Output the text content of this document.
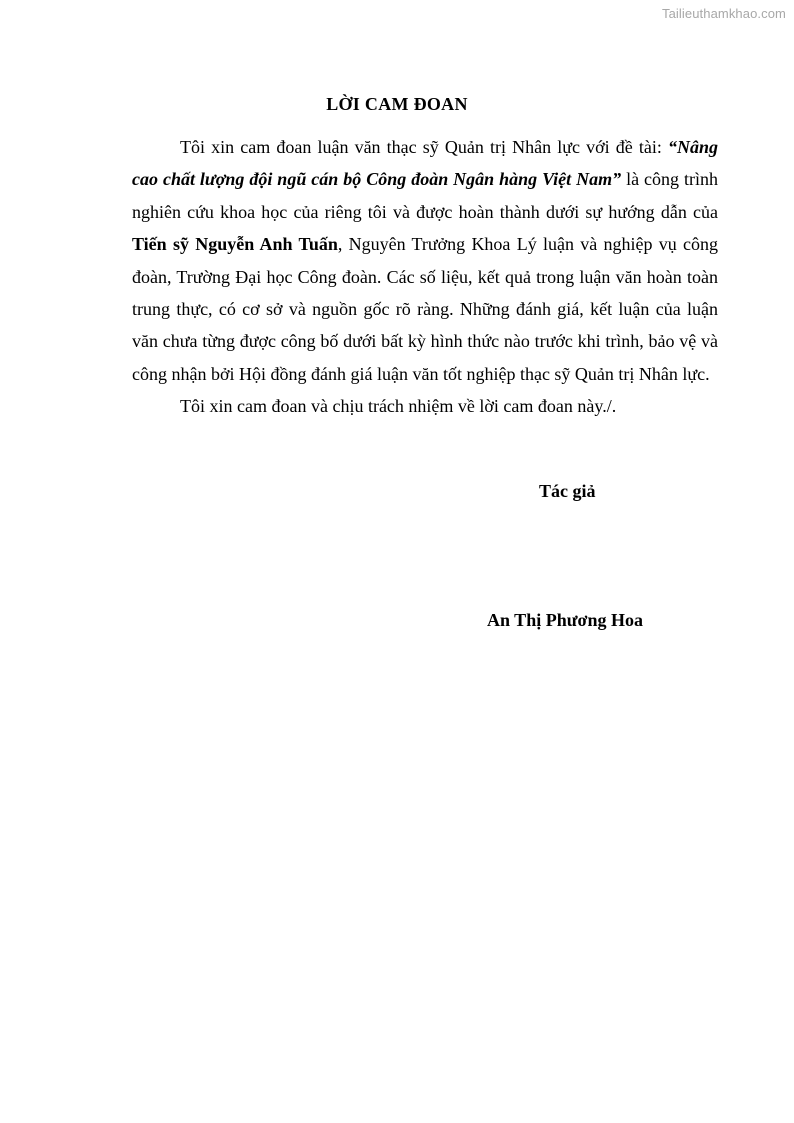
Tailieuthamkhao.com
LỜI CAM ĐOAN

Tôi xin cam đoan luận văn thạc sỹ Quản trị Nhân lực với đề tài: “Nâng cao chất lượng đội ngũ cán bộ Công đoàn Ngân hàng Việt Nam” là công trình nghiên cứu khoa học của riêng tôi và được hoàn thành dưới sự hướng dẫn của Tiến sỹ Nguyễn Anh Tuấn, Nguyên Trưởng Khoa Lý luận và nghiệp vụ công đoàn, Trường Đại học Công đoàn. Các số liệu, kết quả trong luận văn hoàn toàn trung thực, có cơ sở và nguồn gốc rõ ràng. Những đánh giá, kết luận của luận văn chưa từng được công bố dưới bất kỳ hình thức nào trước khi trình, bảo vệ và công nhận bởi Hội đồng đánh giá luận văn tốt nghiệp thạc sỹ Quản trị Nhân lực.

Tôi xin cam đoan và chịu trách nhiệm về lời cam đoan này./.

Tác giả
An Thị Phương Hoa
